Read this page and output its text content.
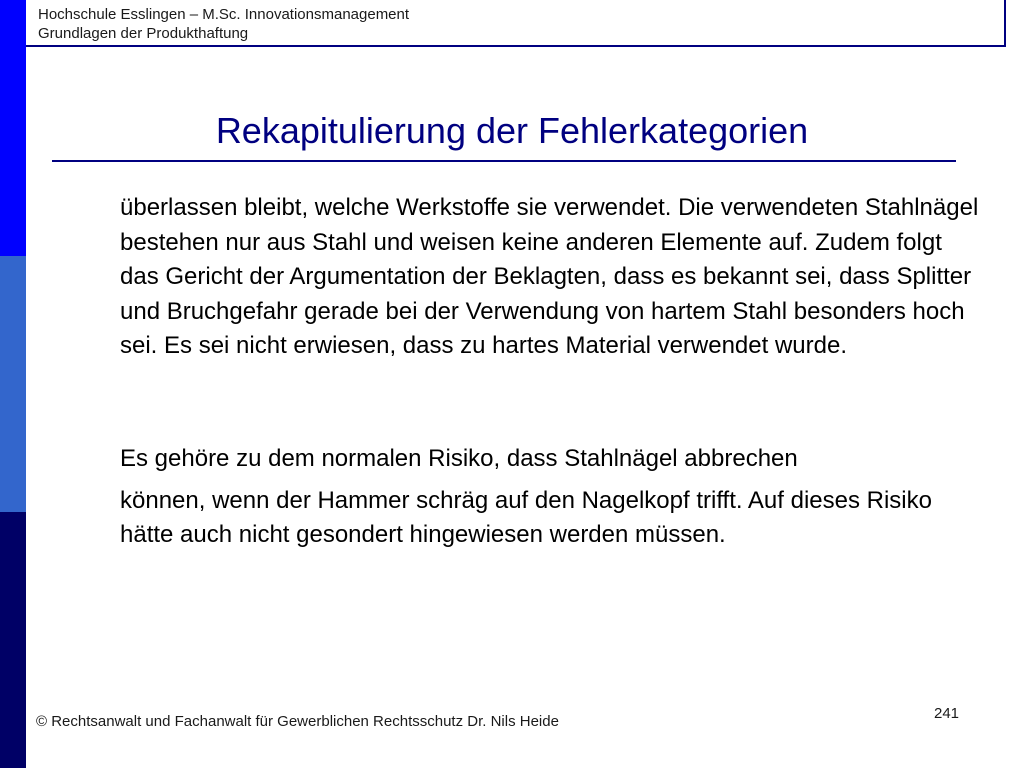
Hochschule Esslingen – M.Sc. Innovationsmanagement
Grundlagen der Produkthaftung
Rekapitulierung der Fehlerkategorien
überlassen bleibt, welche Werkstoffe sie verwendet. Die verwendeten Stahlnägel bestehen nur aus Stahl und weisen keine anderen Elemente auf. Zudem folgt das Gericht der Argumentation der Beklagten, dass es bekannt sei, dass Splitter und Bruchgefahr gerade bei der Verwendung von hartem Stahl besonders hoch sei. Es sei nicht erwiesen, dass zu hartes Material verwendet wurde.
Es gehöre zu dem normalen Risiko, dass Stahlnägel abbrechen
können, wenn der Hammer schräg auf den Nagelkopf trifft. Auf dieses Risiko hätte auch nicht gesondert hingewiesen werden müssen.
© Rechtsanwalt und Fachanwalt für Gewerblichen Rechtsschutz Dr. Nils Heide	241
